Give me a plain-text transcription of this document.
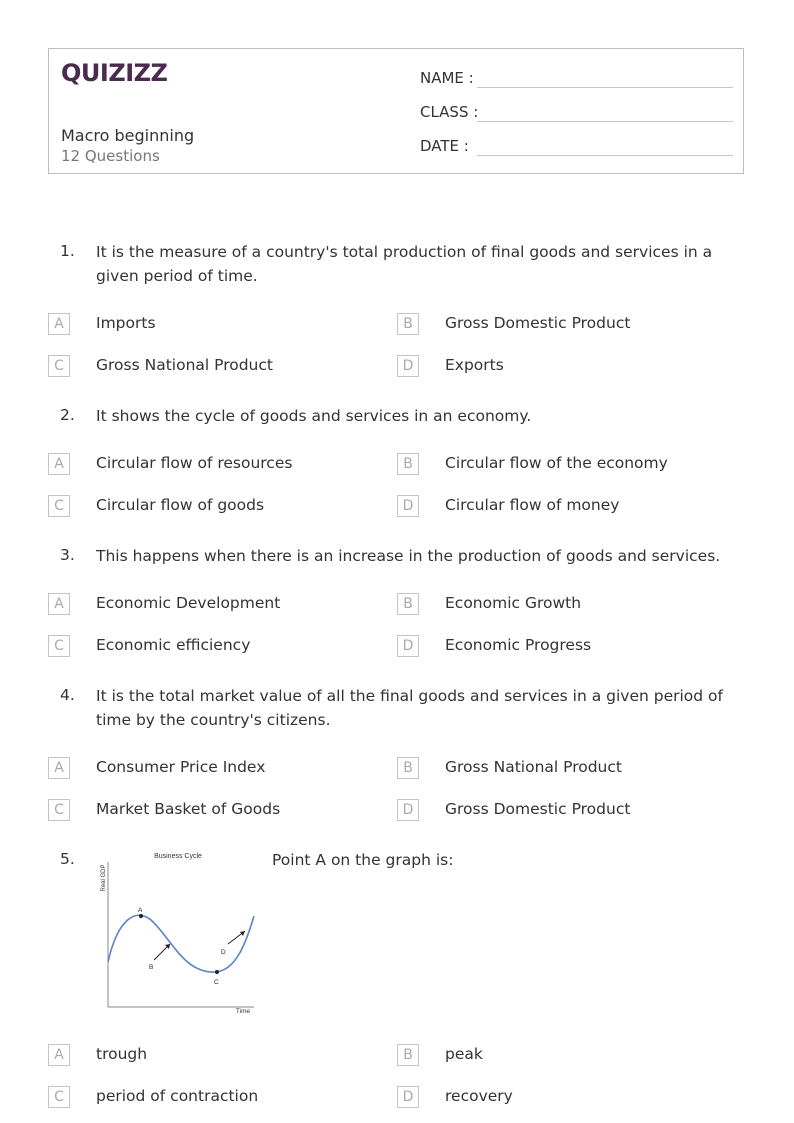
QUIZIZZ
Macro beginning
12 Questions
NAME :
CLASS :
DATE :
1. It is the measure of a country's total production of final goods and services in a given period of time.
A	Imports	B	Gross Domestic Product
C	Gross National Product	D	Exports
2. It shows the cycle of goods and services in an economy.
A	Circular flow of resources	B	Circular flow of the economy
C	Circular flow of goods	D	Circular flow of money
3. This happens when there is an increase in the production of goods and services.
A	Economic Development	B	Economic Growth
C	Economic efficiency	D	Economic Progress
4. It is the total market value of all the final goods and services in a given period of time by the country's citizens.
A	Consumer Price Index	B	Gross National Product
C	Market Basket of Goods	D	Gross Domestic Product
5.	Point A on the graph is:
Business Cycle
Real GDP
Time
A
B
C
D
A	trough	B	peak
C	period of contraction	D	recovery
